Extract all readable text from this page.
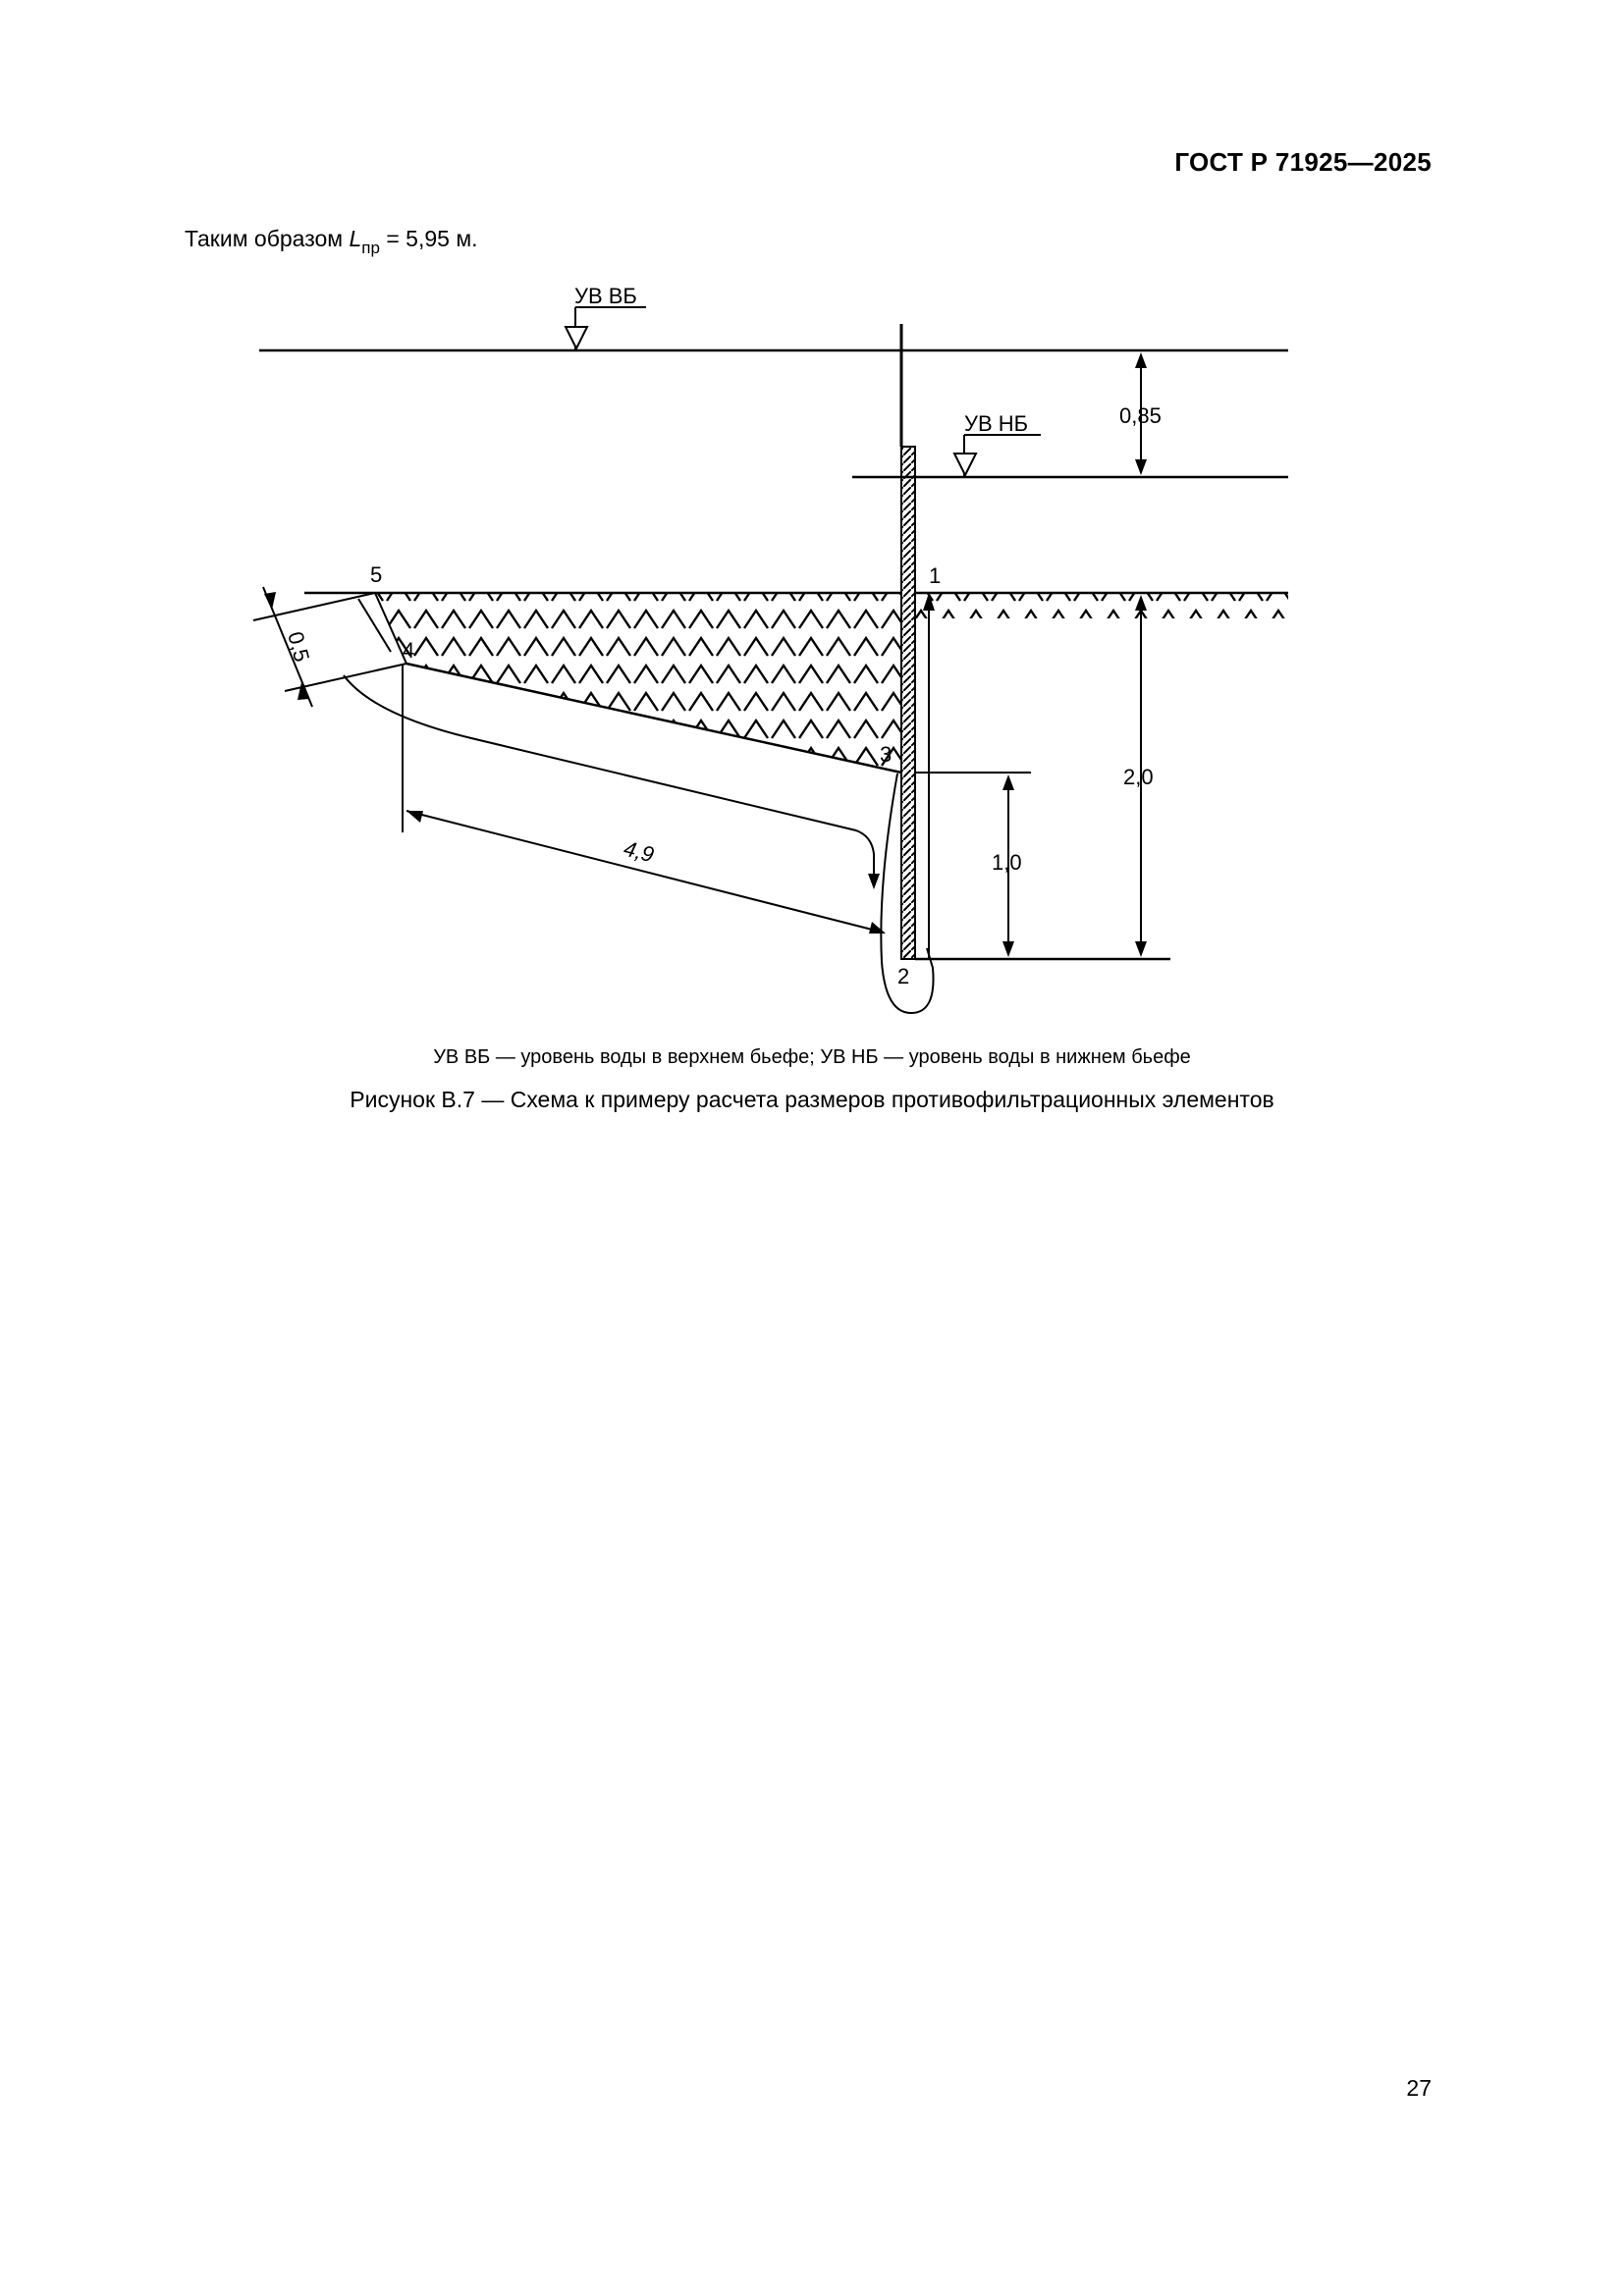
ГОСТ Р 71925—2025
Таким образом $L_{пр} = 5,95$ м.
УВ ВБ
УВ НБ	0,85
0,5
4,9
2,0
1,0
1
2
3
4
5
УВ ВБ — уровень воды в верхнем бьефе; УВ НБ — уровень воды в нижнем бьефе
Рисунок В.7 — Схема к примеру расчета размеров противофильтрационных элементов
27
